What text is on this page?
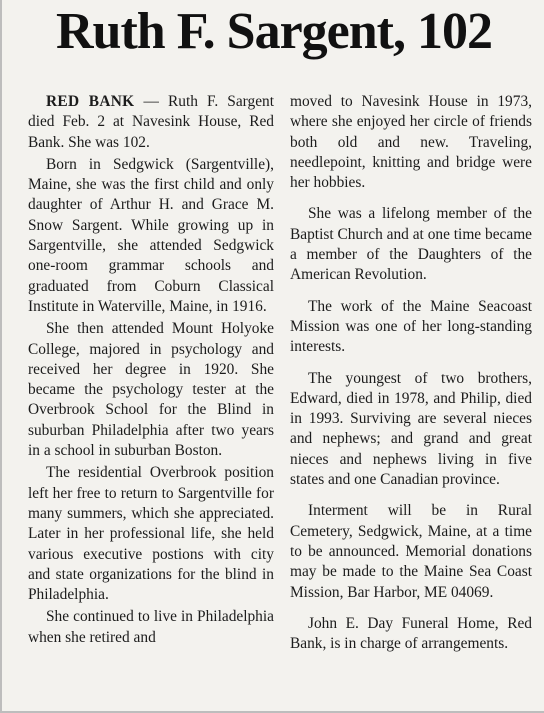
Ruth F. Sargent, 102

RED BANK — Ruth F. Sargent died Feb. 2 at Navesink House, Red Bank. She was 102.

Born in Sedgwick (Sargentville), Maine, she was the first child and only daughter of Arthur H. and Grace M. Snow Sargent. While growing up in Sargentville, she attended Sedgwick one-room grammar schools and graduated from Coburn Classical Institute in Waterville, Maine, in 1916.

She then attended Mount Holyoke College, majored in psychology and received her degree in 1920. She became the psychology tester at the Overbrook School for the Blind in suburban Philadelphia after two years in a school in suburban Boston.

The residential Overbrook position left her free to return to Sargentville for many summers, which she appreciated. Later in her professional life, she held various executive postions with city and state organizations for the blind in Philadelphia.

She continued to live in Philadelphia when she retired and

moved to Navesink House in 1973, where she enjoyed her circle of friends both old and new. Traveling, needlepoint, knitting and bridge were her hobbies.

She was a lifelong member of the Baptist Church and at one time became a member of the Daughters of the American Revolution.

The work of the Maine Seacoast Mission was one of her long-standing interests.

The youngest of two brothers, Edward, died in 1978, and Philip, died in 1993. Surviving are several nieces and nephews; and grand and great nieces and nephews living in five states and one Canadian province.

Interment will be in Rural Cemetery, Sedgwick, Maine, at a time to be announced. Memorial donations may be made to the Maine Sea Coast Mission, Bar Harbor, ME 04069.

John E. Day Funeral Home, Red Bank, is in charge of arrangements.
